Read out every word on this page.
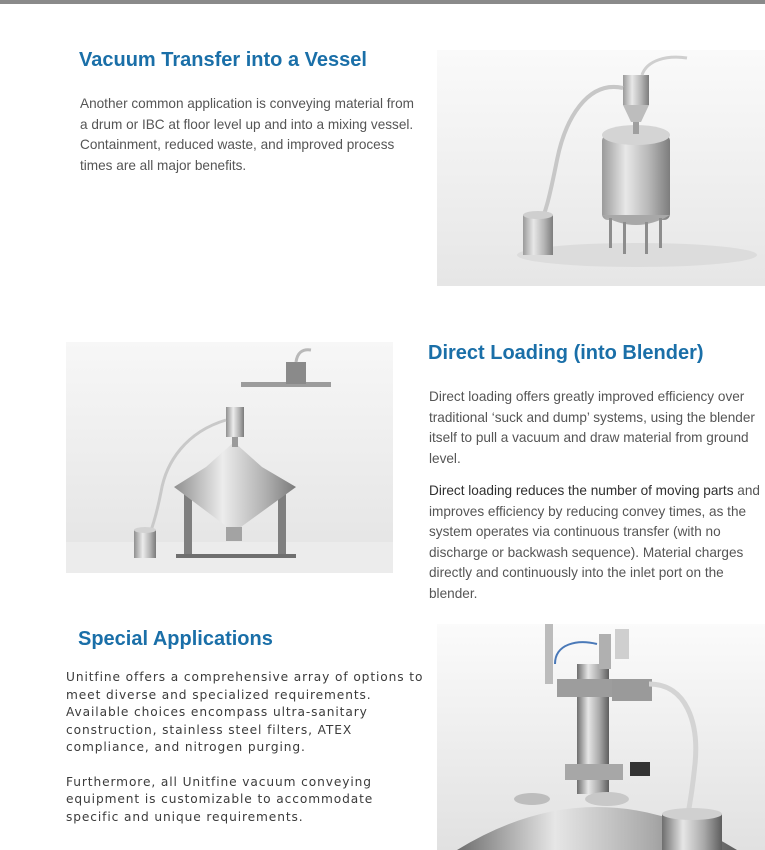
Vacuum Transfer into a Vessel

Another common application is conveying material from a drum or IBC at floor level up and into a mixing vessel. Containment, reduced waste, and improved process times are all major benefits.

Direct Loading (into Blender)

Direct loading offers greatly improved efficiency over traditional ‘suck and dump’ systems, using the blender itself to pull a vacuum and draw material from ground level.

Direct loading reduces the number of moving parts and improves efficiency by reducing convey times, as the system operates via continuous transfer (with no discharge or backwash sequence). Material charges directly and continuously into the inlet port on the blender.

Special Applications

Unitfine offers a comprehensive array of options to meet diverse and specialized requirements. Available choices encompass ultra-sanitary construction, stainless steel filters, ATEX compliance, and nitrogen purging.

Furthermore, all Unitfine vacuum conveying equipment is customizable to accommodate specific and unique requirements.
